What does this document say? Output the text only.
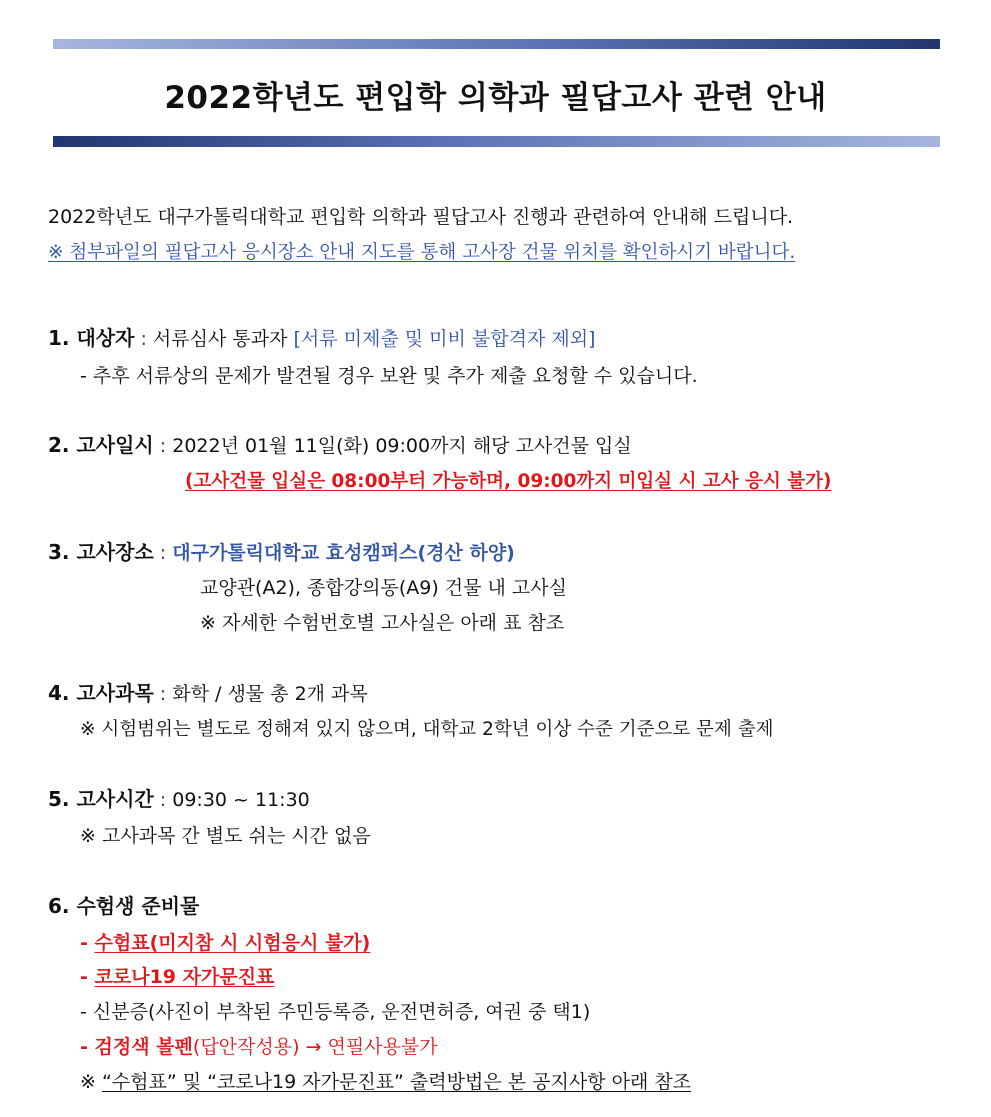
2022학년도 편입학 의학과 필답고사 관련 안내
2022학년도 대구가톨릭대학교 편입학 의학과 필답고사 진행과 관련하여 안내해 드립니다.
※ 첨부파일의 필답고사 응시장소 안내 지도를 통해 고사장 건물 위치를 확인하시기 바랍니다.
1. 대상자 : 서류심사 통과자 [서류 미제출 및 미비 불합격자 제외]
- 추후 서류상의 문제가 발견될 경우 보완 및 추가 제출 요청할 수 있습니다.
2. 고사일시 : 2022년 01월 11일(화) 09:00까지 해당 고사건물 입실
(고사건물 입실은 08:00부터 가능하며, 09:00까지 미입실 시 고사 응시 불가)
3. 고사장소 : 대구가톨릭대학교 효성캠퍼스(경산 하양)
교양관(A2), 종합강의동(A9) 건물 내 고사실
※ 자세한 수험번호별 고사실은 아래 표 참조
4. 고사과목 : 화학 / 생물 총 2개 과목
※ 시험범위는 별도로 정해져 있지 않으며, 대학교 2학년 이상 수준 기준으로 문제 출제
5. 고사시간 : 09:30 ~ 11:30
※ 고사과목 간 별도 쉬는 시간 없음
6. 수험생 준비물
- 수험표(미지참 시 시험응시 불가)
- 코로나19 자가문진표
- 신분증(사진이 부착된 주민등록증, 운전면허증, 여권 중 택1)
- 검정색 볼펜(답안작성용) → 연필사용불가
※ “수험표” 및 “코로나19 자가문진표” 출력방법은 본 공지사항 아래 참조
